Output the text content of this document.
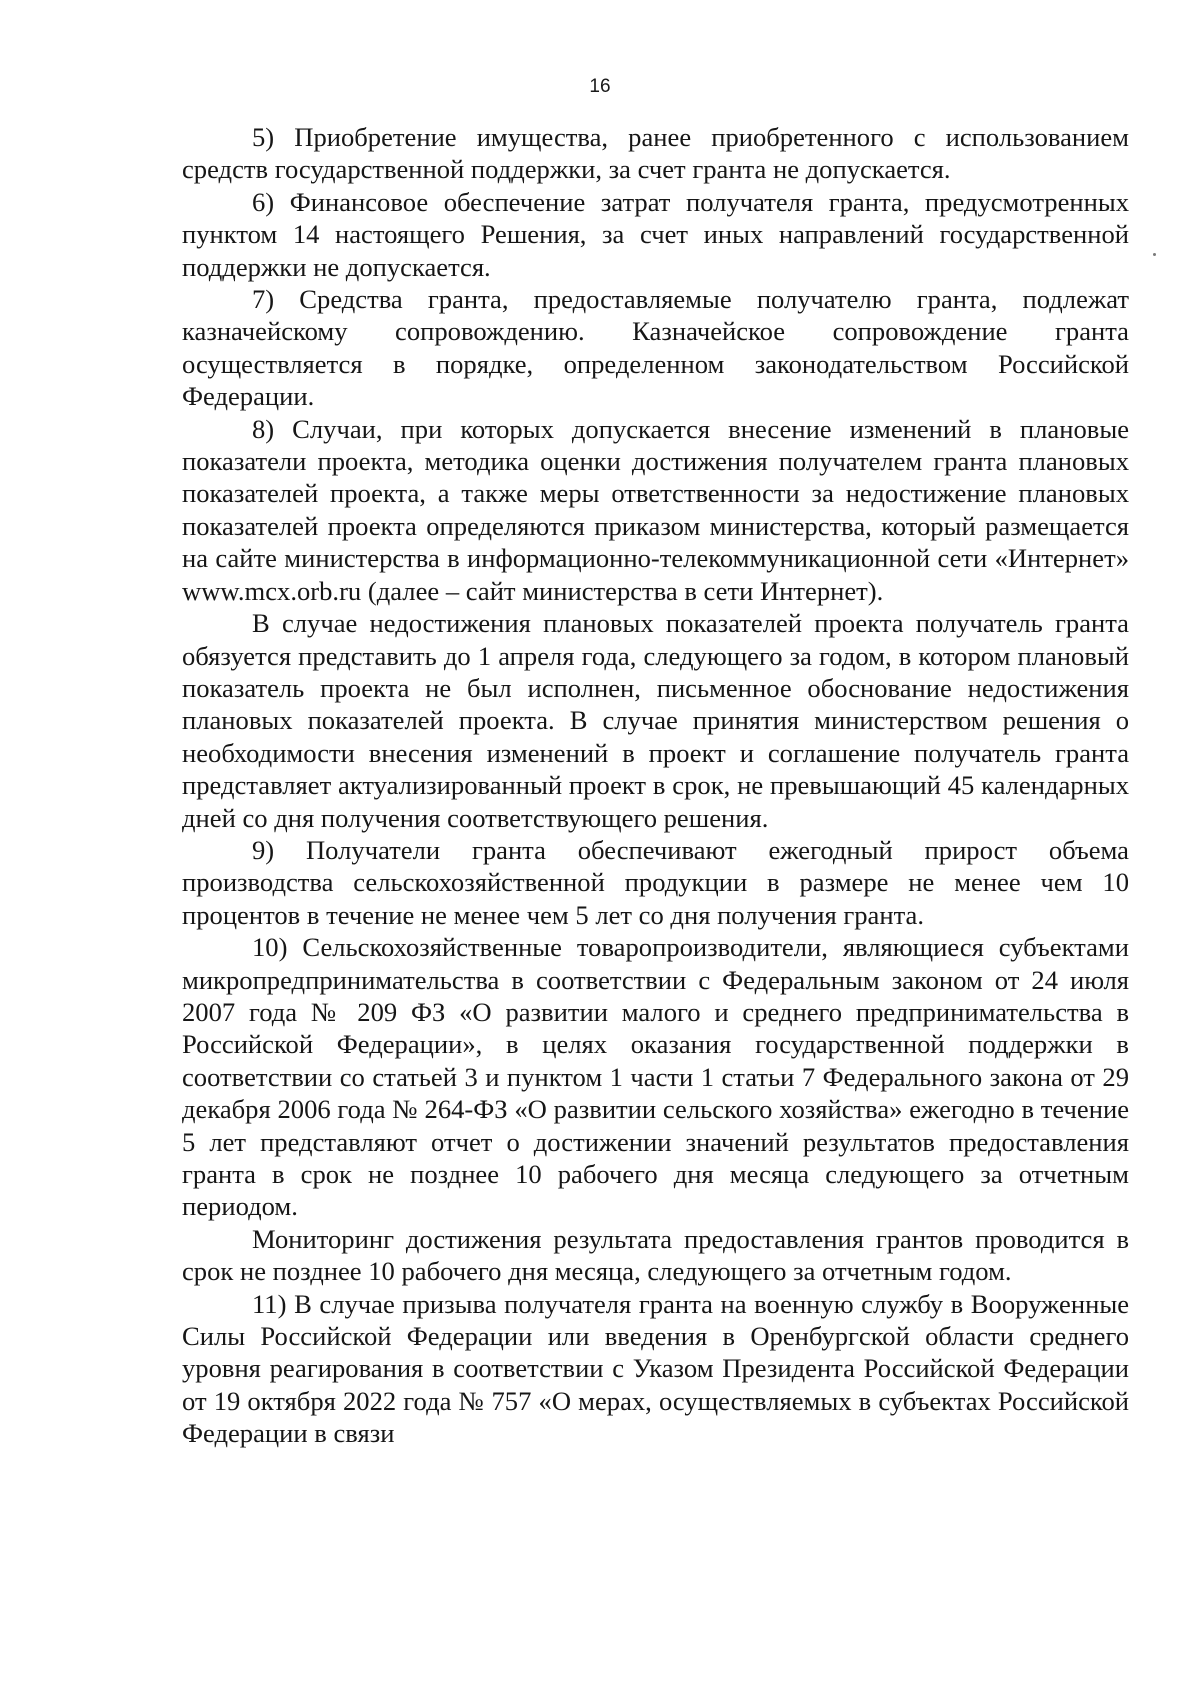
16

5) Приобретение имущества, ранее приобретенного с использованием средств государственной поддержки, за счет гранта не допускается.

6) Финансовое обеспечение затрат получателя гранта, предусмотренных пунктом 14 настоящего Решения, за счет иных направлений государственной поддержки не допускается.

7) Средства гранта, предоставляемые получателю гранта, подлежат казначейскому сопровождению. Казначейское сопровождение гранта осуществляется в порядке, определенном законодательством Российской Федерации.

8) Случаи, при которых допускается внесение изменений в плановые показатели проекта, методика оценки достижения получателем гранта плановых показателей проекта, а также меры ответственности за недостижение плановых показателей проекта определяются приказом министерства, который размещается на сайте министерства в информационно-телекоммуникационной сети «Интернет» www.mcx.orb.ru (далее – сайт министерства в сети Интернет).

В случае недостижения плановых показателей проекта получатель гранта обязуется представить до 1 апреля года, следующего за годом, в котором плановый показатель проекта не был исполнен, письменное обоснование недостижения плановых показателей проекта. В случае принятия министерством решения о необходимости внесения изменений в проект и соглашение получатель гранта представляет актуализированный проект в срок, не превышающий 45 календарных дней со дня получения соответствующего решения.

9) Получатели гранта обеспечивают ежегодный прирост объема производства сельскохозяйственной продукции в размере не менее чем 10 процентов в течение не менее чем 5 лет со дня получения гранта.

10) Сельскохозяйственные товаропроизводители, являющиеся субъектами микропредпринимательства в соответствии с Федеральным законом от 24 июля 2007 года № 209 ФЗ «О развитии малого и среднего предпринимательства в Российской Федерации», в целях оказания государственной поддержки в соответствии со статьей 3 и пунктом 1 части 1 статьи 7 Федерального закона от 29 декабря 2006 года № 264-ФЗ «О развитии сельского хозяйства» ежегодно в течение 5 лет представляют отчет о достижении значений результатов предоставления гранта в срок не позднее 10 рабочего дня месяца следующего за отчетным периодом.

Мониторинг достижения результата предоставления грантов проводится в срок не позднее 10 рабочего дня месяца, следующего за отчетным годом.

11) В случае призыва получателя гранта на военную службу в Вооруженные Силы Российской Федерации или введения в Оренбургской области среднего уровня реагирования в соответствии с Указом Президента Российской Федерации от 19 октября 2022 года № 757 «О мерах, осуществляемых в субъектах Российской Федерации в связи
